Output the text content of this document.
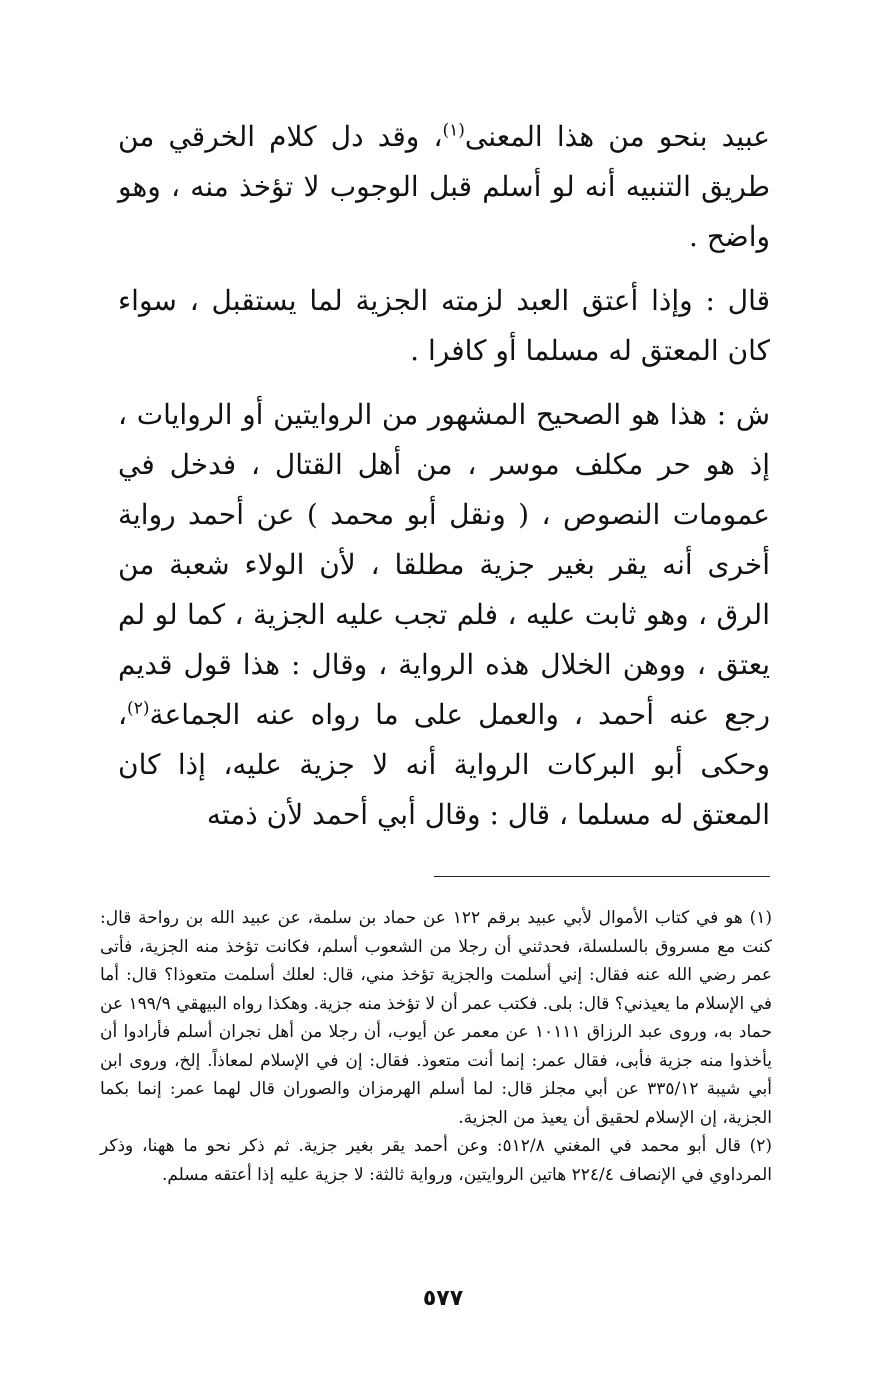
عبيد بنحو من هذا المعنى$^{(١)}$، وقد دل كلام الخرقي من طريق التنبيه أنه لو أسلم قبل الوجوب لا تؤخذ منه ، وهو واضح .

قال : وإذا أعتق العبد لزمته الجزية لما يستقبل ، سواء كان المعتق له مسلما أو كافرا .

ش : هذا هو الصحيح المشهور من الروايتين أو الروايات ، إذ هو حر مكلف موسر ، من أهل القتال ، فدخل في عمومات النصوص ، ( ونقل أبو محمد ) عن أحمد رواية أخرى أنه يقر بغير جزية مطلقا ، لأن الولاء شعبة من الرق ، وهو ثابت عليه ، فلم تجب عليه الجزية ، كما لو لم يعتق ، ووهن الخلال هذه الرواية ، وقال : هذا قول قديم رجع عنه أحمد ، والعمل على ما رواه عنه الجماعة$^{(٢)}$، وحكى أبو البركات الرواية أنه لا جزية عليه، إذا كان المعتق له مسلما ، قال : وقال أبي أحمد لأن ذمته

(١) هو في كتاب الأموال لأبي عبيد برقم ١٢٢ عن حماد بن سلمة، عن عبيد الله بن رواحة قال: كنت مع مسروق بالسلسلة، فحدثني أن رجلا من الشعوب أسلم، فكانت تؤخذ منه الجزية، فأتى عمر رضي الله عنه فقال: إني أسلمت والجزية تؤخذ مني، قال: لعلك أسلمت متعوذا؟ قال: أما في الإسلام ما يعيذني؟ قال: بلى. فكتب عمر أن لا تؤخذ منه جزية. وهكذا رواه البيهقي ١٩٩/٩ عن حماد به، وروى عبد الرزاق ١٠١١١ عن معمر عن أيوب، أن رجلا من أهل نجران أسلم فأرادوا أن يأخذوا منه جزية فأبى، فقال عمر: إنما أنت متعوذ. فقال: إن في الإسلام لمعاذاً. إلخ، وروى ابن أبي شيبة ٣٣٥/١٢ عن أبي مجلز قال: لما أسلم الهرمزان والصوران قال لهما عمر: إنما بكما الجزية، إن الإسلام لحقيق أن يعيذ من الجزية.

(٢) قال أبو محمد في المغني ٥١٢/٨: وعن أحمد يقر بغير جزية. ثم ذكر نحو ما ههنا، وذكر المرداوي في الإنصاف ٢٢٤/٤ هاتين الروايتين، ورواية ثالثة: لا جزية عليه إذا أعتقه مسلم.

٥٧٧
